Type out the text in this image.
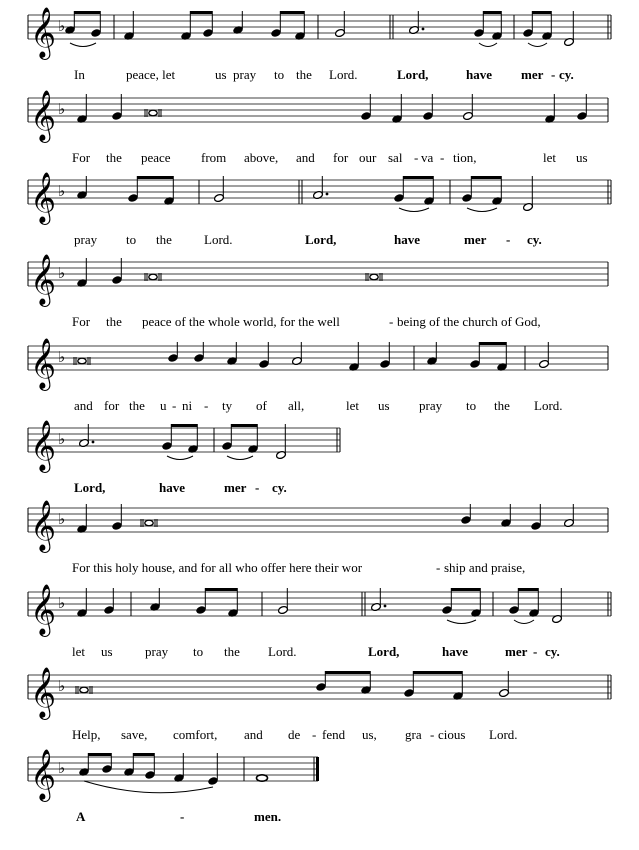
𝄞 ♭
In	peace, let	us pray to the Lord.	Lord,	have mer - cy.
𝄞 ♭
For the peace from above, and for our sal - va - tion,	let us
𝄞 ♭
pray to the Lord.	Lord,	have	mer - cy.
𝄞 ♭
For the peace of the whole world, for the well	- being of the church of God,
𝄞 ♭
and for the u - ni - ty of all,	let us pray to the Lord.
𝄞 ♭
Lord,	have	mer - cy.
𝄞 ♭
For this holy house, and for all who offer here their wor	- ship and praise,
𝄞 ♭
let us pray to the Lord.	Lord,	have	mer - cy.
𝄞 ♭
Help, save, comfort, and de - fend us, gra - cious Lord.
𝄞 ♭
A	-	men.
